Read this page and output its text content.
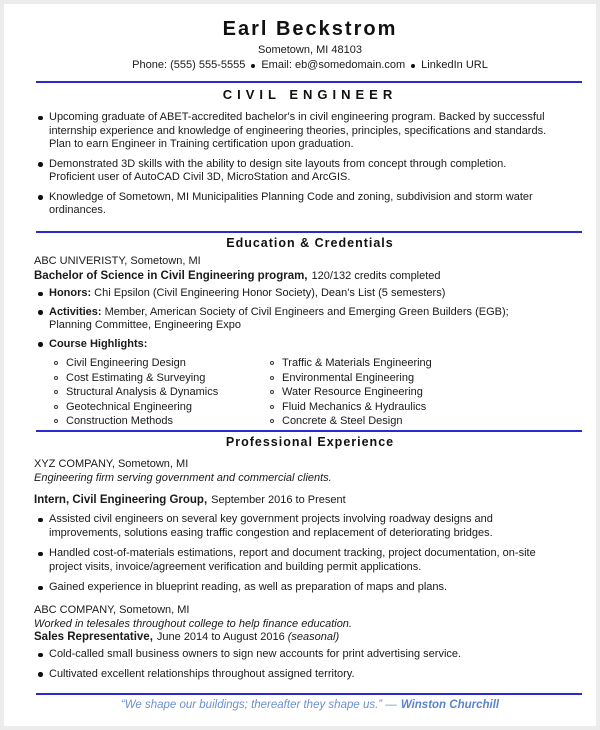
Earl Beckstrom
Sometown, MI 48103
Phone: (555) 555-5555 Email: eb@somedomain.com LinkedIn URL
CIVIL ENGINEER
Upcoming graduate of ABET-accredited bachelor's in civil engineering program. Backed by successful internship experience and knowledge of engineering theories, principles, specifications and standards. Plan to earn Engineer in Training certification upon graduation.
Demonstrated 3D skills with the ability to design site layouts from concept through completion. Proficient user of AutoCAD Civil 3D, MicroStation and ArcGIS.
Knowledge of Sometown, MI Municipalities Planning Code and zoning, subdivision and storm water ordinances.
Education & Credentials
ABC UNIVERISTY, Sometown, MI
Bachelor of Science in Civil Engineering program, 120/132 credits completed
Honors: Chi Epsilon (Civil Engineering Honor Society), Dean's List (5 semesters)
Activities: Member, American Society of Civil Engineers and Emerging Green Builders (EGB); Planning Committee, Engineering Expo
Course Highlights:
Civil Engineering Design
Cost Estimating & Surveying
Structural Analysis & Dynamics
Geotechnical Engineering
Construction Methods
Traffic & Materials Engineering
Environmental Engineering
Water Resource Engineering
Fluid Mechanics & Hydraulics
Concrete & Steel Design
Professional Experience
XYZ COMPANY, Sometown, MI
Engineering firm serving government and commercial clients.
Intern, Civil Engineering Group, September 2016 to Present
Assisted civil engineers on several key government projects involving roadway designs and improvements, solutions easing traffic congestion and replacement of deteriorating bridges.
Handled cost-of-materials estimations, report and document tracking, project documentation, on-site project visits, invoice/agreement verification and building permit applications.
Gained experience in blueprint reading, as well as preparation of maps and plans.
ABC COMPANY, Sometown, MI
Worked in telesales throughout college to help finance education.
Sales Representative, June 2014 to August 2016 (seasonal)
Cold-called small business owners to sign new accounts for print advertising service.
Cultivated excellent relationships throughout assigned territory.
“We shape our buildings; thereafter they shape us.” — Winston Churchill
